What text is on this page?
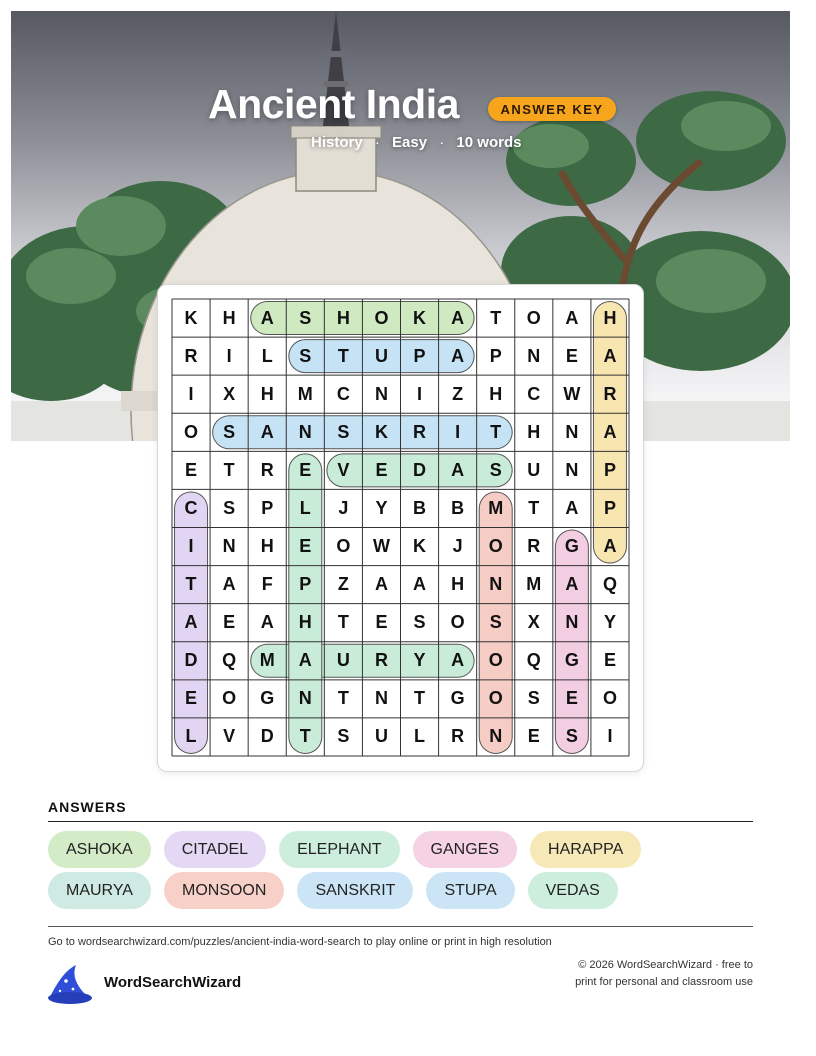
Ancient India	ANSWER KEY
History · Easy · 10 words
K	H	A	S	H	O	K	A	T	O	A	H
R	I	L	S	T	U	P	A	P	N	E	A
I	X	H	M	C	N	I	Z	H	C	W	R
O	S	A	N	S	K	R	I	T	H	N	A
E	T	R	E	V	E	D	A	S	U	N	P
C	S	P	L	J	Y	B	B	M	T	A	P
I	N	H	E	O	W	K	J	O	R	G	A
T	A	F	P	Z	A	A	H	N	M	A	Q
A	E	A	H	T	E	S	O	S	X	N	Y
D	Q	M	A	U	R	Y	A	O	Q	G	E
E	O	G	N	T	N	T	G	O	S	E	O
L	V	D	T	S	U	L	R	N	E	S	I
ANSWERS
ASHOKA	CITADEL	ELEPHANT	GANGES	HARAPPA
MAURYA	MONSOON	SANSKRIT	STUPA	VEDAS
Go to wordsearchwizard.com/puzzles/ancient-india-word-search to play online or print in high resolution
WordSearchWizard
© 2026 WordSearchWizard · free to print for personal and classroom use
